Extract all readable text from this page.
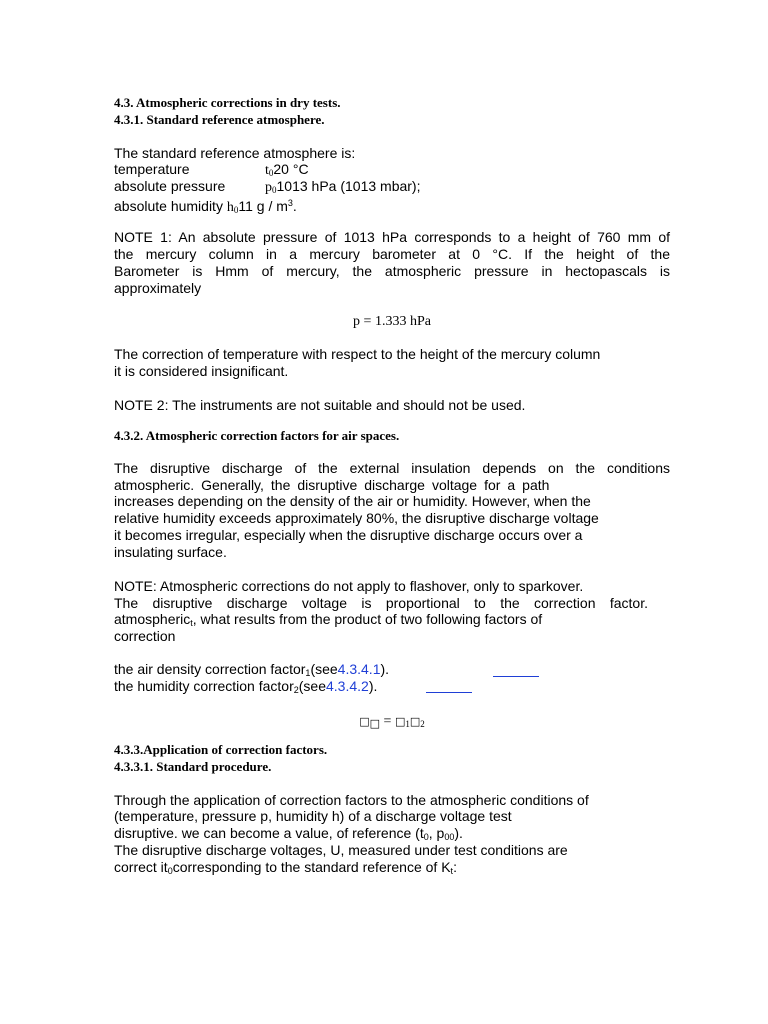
4.3. Atmospheric corrections in dry tests.
4.3.1. Standard reference atmosphere.
The standard reference atmosphere is:
temperature	$t_020$ °C
absolute pressure	$p_01013$ hPa (1013 mbar);
absolute humidity $h_011$ g / $m^3$.
NOTE 1: An absolute pressure of 1013 hPa corresponds to a height of 760 mm of
the mercury column in a mercury barometer at 0 °C. If the height of the
Barometer is Hmm of mercury, the atmospheric pressure in hectopascals is
approximately
p = 1.333 hPa
The correction of temperature with respect to the height of the mercury column
it is considered insignificant.
NOTE 2: The instruments are not suitable and should not be used.
4.3.2. Atmospheric correction factors for air spaces.
The disruptive discharge of the external insulation depends on the conditions
atmospheric. Generally, the disruptive discharge voltage for a path
increases depending on the density of the air or humidity. However, when the
relative humidity exceeds approximately 80%, the disruptive discharge voltage
it becomes irregular, especially when the disruptive discharge occurs over a
insulating surface.
NOTE: Atmospheric corrections do not apply to flashover, only to sparkover.
The disruptive discharge voltage is proportional to the correction factor.
atmospheric$_t$, what results from the product of two following factors of
correction
the air density correction factor$_1$(see4.3.4.1).
the humidity correction factor$_2$(see4.3.4.2).
□□ = $□_1□_2$
4.3.3.Application of correction factors.
4.3.3.1. Standard procedure.
Through the application of correction factors to the atmospheric conditions of
(temperature, pressure p, humidity h) of a discharge voltage test
disruptive. we can become a value, of reference ($t_0$, $p_{00}$).
The disruptive discharge voltages, U, measured under test conditions are
correct $it_0corresponding$ to the standard reference of $K_t$:
